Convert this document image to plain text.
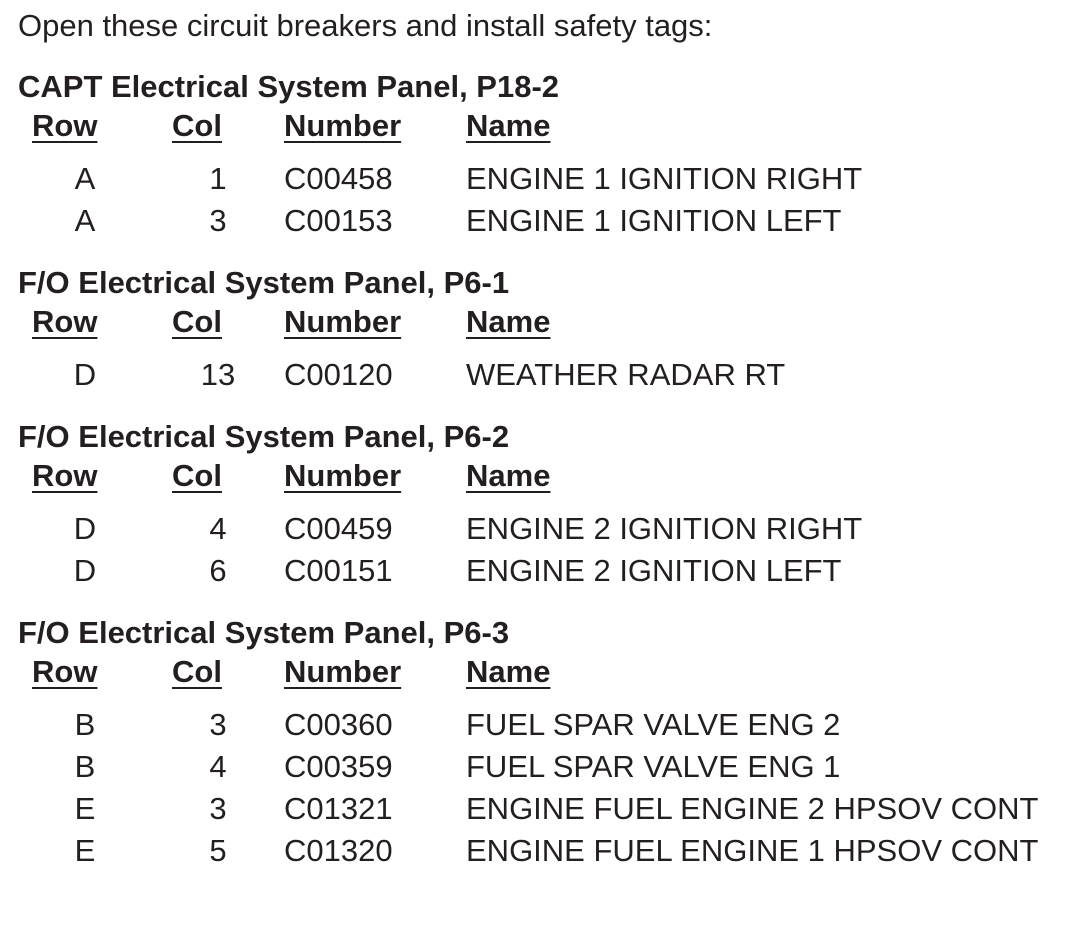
Open these circuit breakers and install safety tags:

CAPT Electrical System Panel, P18-2
Row	Col	Number	Name
A	1	C00458	ENGINE 1 IGNITION RIGHT
A	3	C00153	ENGINE 1 IGNITION LEFT
F/O Electrical System Panel, P6-1
Row	Col	Number	Name
D	13	C00120	WEATHER RADAR RT
F/O Electrical System Panel, P6-2
Row	Col	Number	Name
D	4	C00459	ENGINE 2 IGNITION RIGHT
D	6	C00151	ENGINE 2 IGNITION LEFT
F/O Electrical System Panel, P6-3
Row	Col	Number	Name
B	3	C00360	FUEL SPAR VALVE ENG 2
B	4	C00359	FUEL SPAR VALVE ENG 1
E	3	C01321	ENGINE FUEL ENGINE 2 HPSOV CONT
E	5	C01320	ENGINE FUEL ENGINE 1 HPSOV CONT
